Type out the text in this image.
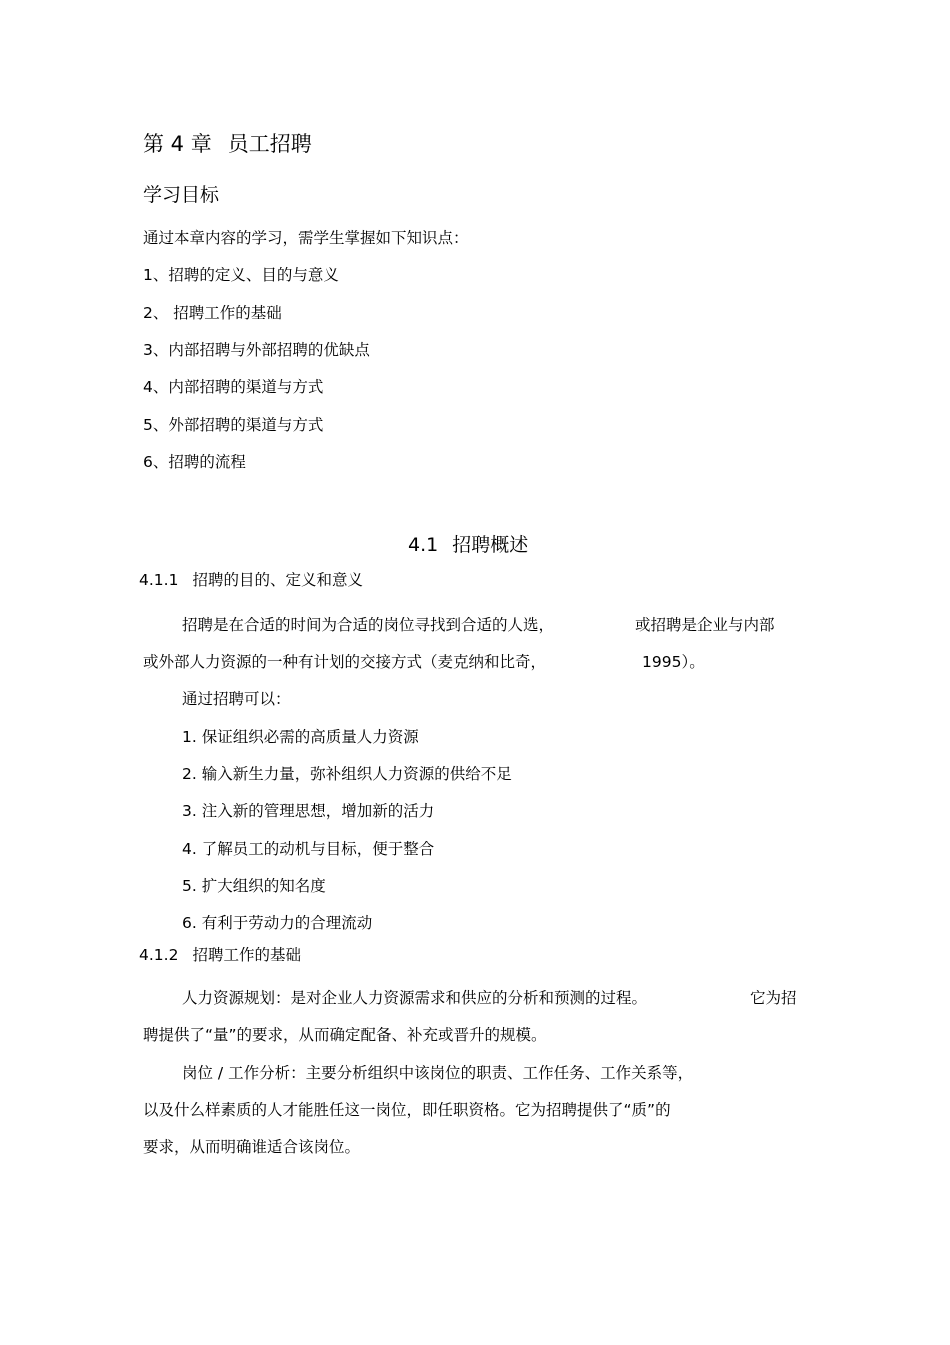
第 4 章 员工招聘
学习目标

通过本章内容的学习，需学生掌握如下知识点：

1、招聘的定义、目的与意义

2、 招聘工作的基础

3、内部招聘与外部招聘的优缺点

4、内部招聘的渠道与方式

5、外部招聘的渠道与方式

6、招聘的流程

4.1 招聘概述
4.1.1 招聘的目的、定义和意义

招聘是在合适的时间为合适的岗位寻找到合适的人选，	或招聘是企业与内部

或外部人力资源的一种有计划的交接方式（麦克纳和比奇，	1995）。

通过招聘可以：

1. 保证组织必需的高质量人力资源

2. 输入新生力量，弥补组织人力资源的供给不足

3. 注入新的管理思想，增加新的活力

4. 了解员工的动机与目标，便于整合

5. 扩大组织的知名度

6. 有利于劳动力的合理流动

4.1.2 招聘工作的基础

人力资源规划：是对企业人力资源需求和供应的分析和预测的过程。	它为招

聘提供了“量”的要求，从而确定配备、补充或晋升的规模。

岗位 / 工作分析：主要分析组织中该岗位的职责、工作任务、工作关系等，

以及什么样素质的人才能胜任这一岗位，即任职资格。它为招聘提供了“质”的

要求，从而明确谁适合该岗位。
